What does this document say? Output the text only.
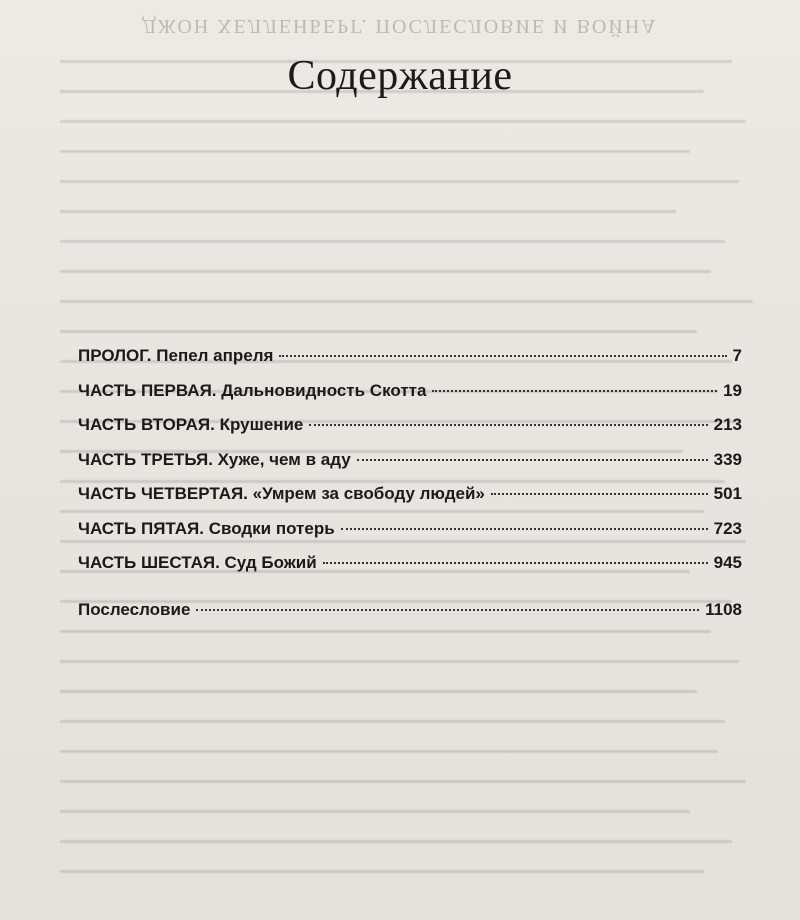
ДЖОН ХЕЛЛЕНБЕРГ. ПОСЛЕСЛОВИЕ И ВОЙНА
Содержание
ПРОЛОГ. Пепел апреля	7
ЧАСТЬ ПЕРВАЯ. Дальновидность Скотта	19
ЧАСТЬ ВТОРАЯ. Крушение	213
ЧАСТЬ ТРЕТЬЯ. Хуже, чем в аду	339
ЧАСТЬ ЧЕТВЕРТАЯ. «Умрем за свободу людей»	501
ЧАСТЬ ПЯТАЯ. Сводки потерь	723
ЧАСТЬ ШЕСТАЯ. Суд Божий	945
Послесловие	1108
